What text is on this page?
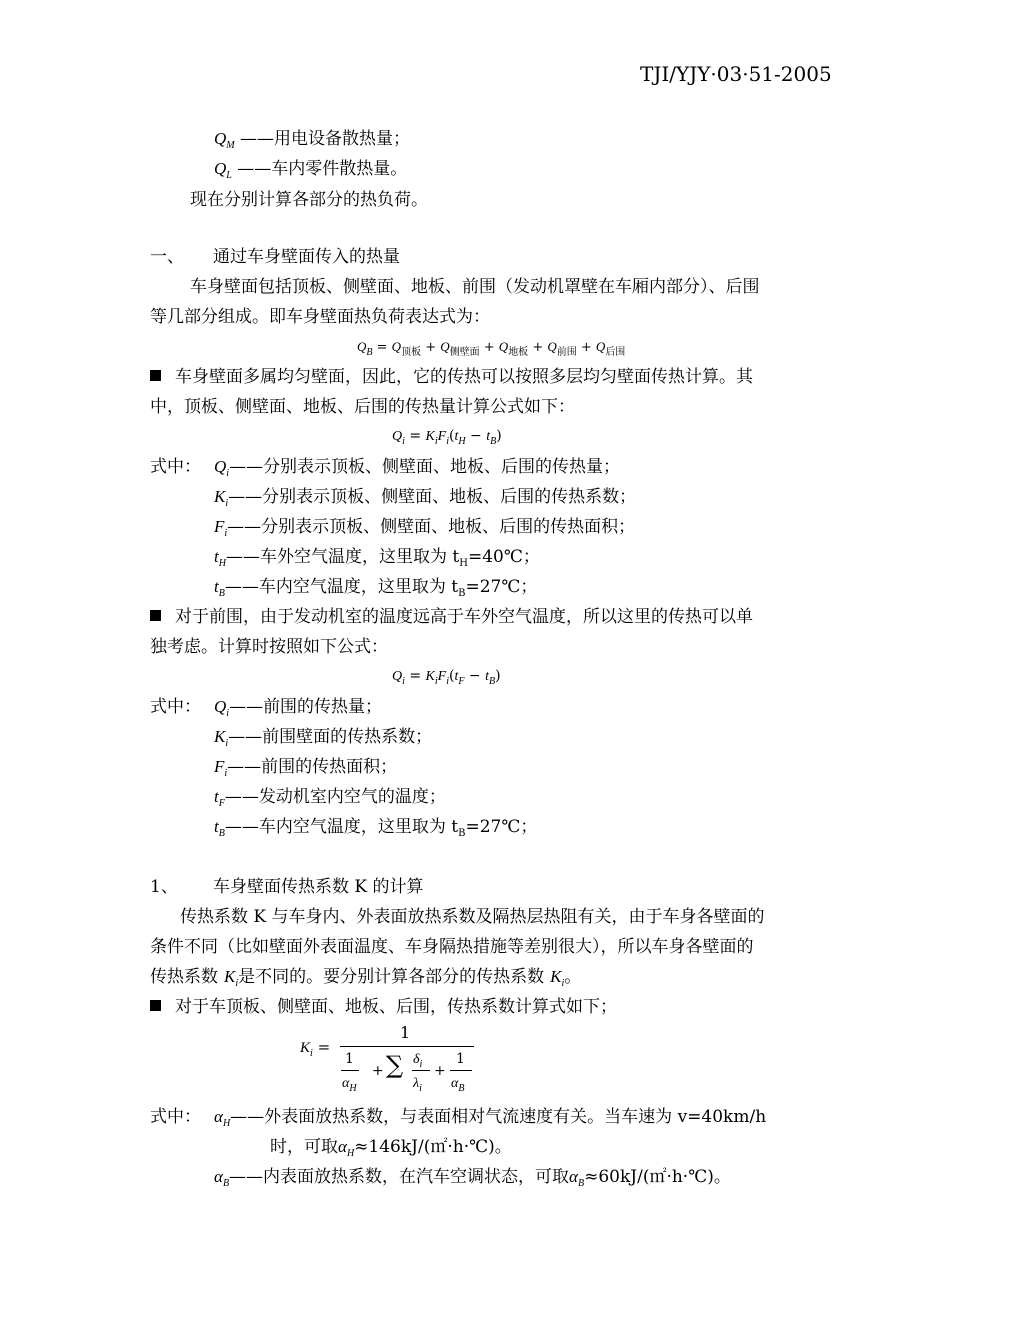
TJI/YJY·03·51-2005
$Q_M$ ——用电设备散热量；
$Q_L$ ——车内零件散热量。
现在分别计算各部分的热负荷。
一、 通过车身壁面传入的热量
车身壁面包括顶板、侧壁面、地板、前围（发动机罩壁在车厢内部分）、后围
等几部分组成。即车身壁面热负荷表达式为：
$Q_B = Q_{顶板} + Q_{侧壁面} + Q_{地板} + Q_{前围} + Q_{后围}$
车身壁面多属均匀壁面，因此，它的传热可以按照多层均匀壁面传热计算。其
中，顶板、侧壁面、地板、后围的传热量计算公式如下：
$Q_i = K_iF_i(t_H - t_B)$
式中： $Q_i——$分别表示顶板、侧壁面、地板、后围的传热量；
$K_i——$分别表示顶板、侧壁面、地板、后围的传热系数；
$F_i——$分别表示顶板、侧壁面、地板、后围的传热面积；
$t_H——$车外空气温度，这里取为 $t_H=40℃$；
$t_B——$车内空气温度，这里取为 $t_B=27℃$；
对于前围，由于发动机室的温度远高于车外空气温度，所以这里的传热可以单
独考虑。计算时按照如下公式：
$Q_i = K_iF_i(t_F - t_B)$
式中： $Q_i——$前围的传热量；
$K_i——$前围壁面的传热系数；
$F_i——$前围的传热面积；
$t_F——$发动机室内空气的温度；
$t_B——$车内空气温度，这里取为 $t_B=27℃$；
1、 车身壁面传热系数 K 的计算
传热系数 K 与车身内、外表面放热系数及隔热层热阻有关，由于车身各壁面的
条件不同（比如壁面外表面温度、车身隔热措施等差别很大），所以车身各壁面的
传热系数 $K_i$是不同的。要分别计算各部分的传热系数 $K_i$。
对于车顶板、侧壁面、地板、后围，传热系数计算式如下；
$K_i$ =
1
1
$\alpha_H$
+ ∑ $\delta_i$
$\lambda_i$
+
1
$\alpha_B$
式中： $\alpha_H——$外表面放热系数，与表面相对气流速度有关。当车速为 v=40km/h
时，可取$\alpha_H\approx 146kJ/(㎡\cdot h\cdot℃)$。
$\alpha_B——$内表面放热系数，在汽车空调状态，可取$\alpha_B\approx 60kJ/(㎡\cdot h\cdot℃)$。
